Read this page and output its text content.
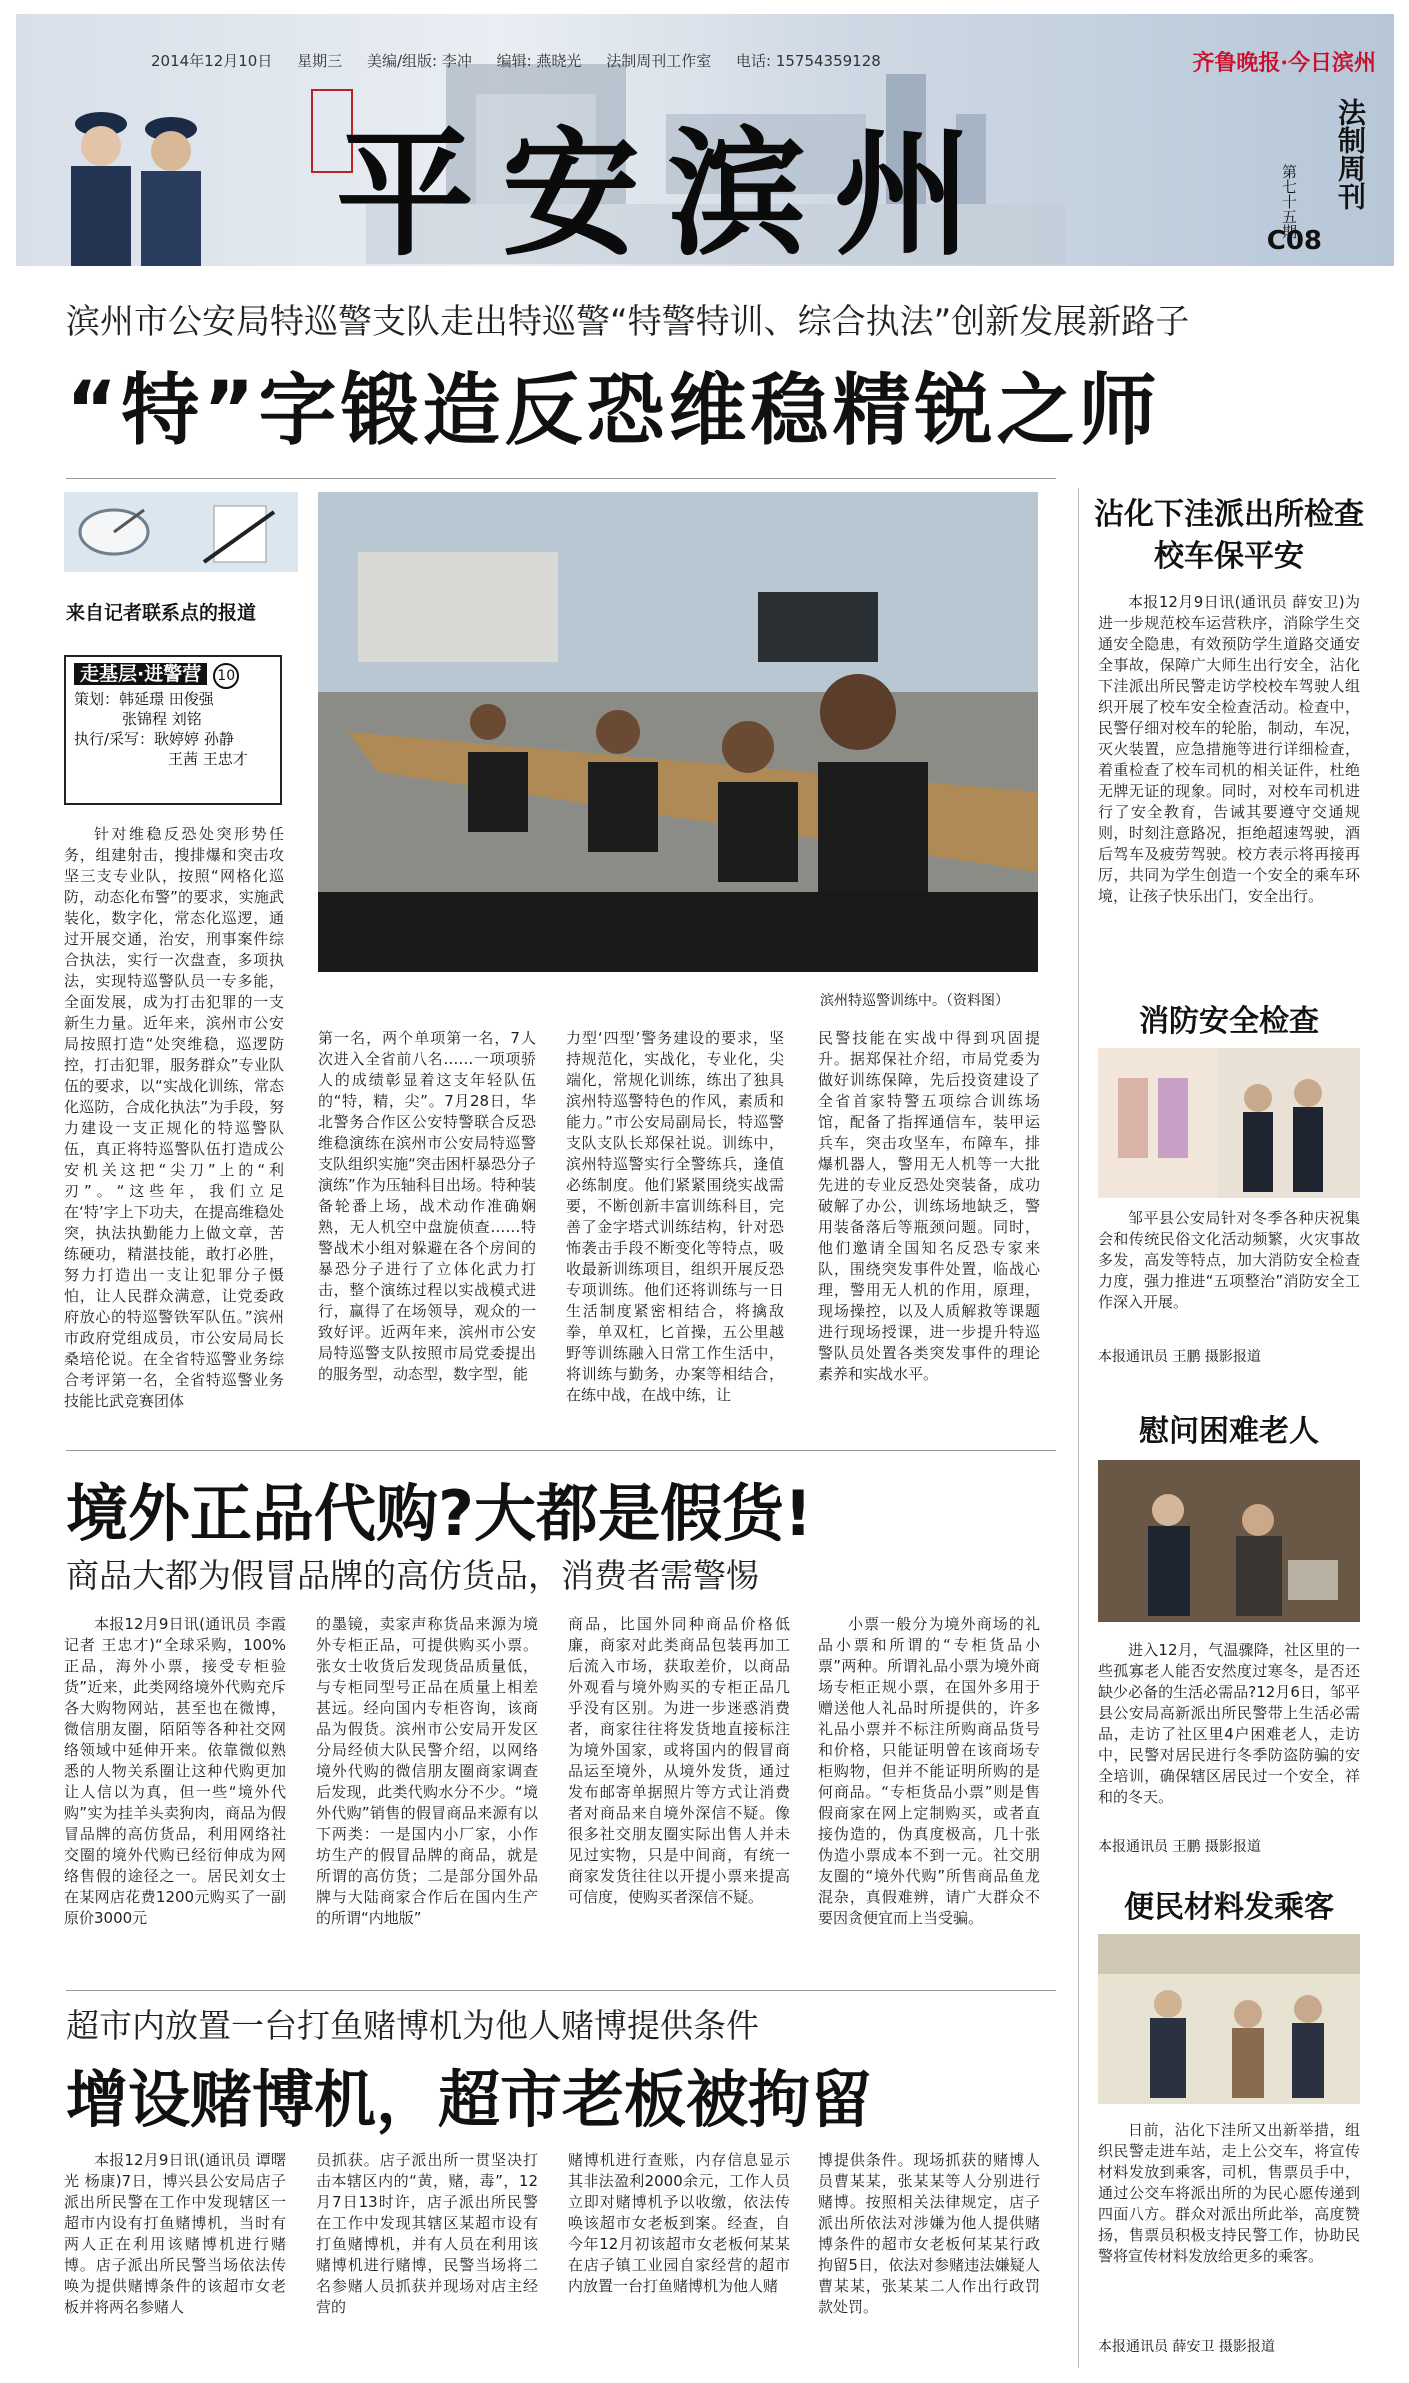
2014年12月10日 星期三 美编/组版: 李冲 编辑: 燕晓光 法制周刊工作室 电话: 15754359128	齐鲁晚报·今日滨州
平安滨州	法制周刊
第七十五期
C08
滨州市公安局特巡警支队走出特巡警“特警特训、综合执法”创新发展新路子
“特”字锻造反恐维稳精锐之师
来自记者联系点的报道
走基层·进警营 10
策划：韩延璟 田俊强
张锦程 刘铭
执行/采写：耿婷婷 孙静
王茜 王忠才

针对维稳反恐处突形势任务，组建射击，搜排爆和突击攻坚三支专业队，按照“网格化巡防，动态化布警”的要求，实施武装化，数字化，常态化巡逻，通过开展交通，治安，刑事案件综合执法，实行一次盘查，多项执法，实现特巡警队员一专多能，全面发展，成为打击犯罪的一支新生力量。近年来，滨州市公安局按照打造“处突维稳，巡逻防控，打击犯罪，服务群众”专业队伍的要求，以“实战化训练，常态化巡防，合成化执法”为手段，努力建设一支正规化的特巡警队伍，真正将特巡警队伍打造成公安机关这把“尖刀”上的“利刃”。“这些年，我们立足在‘特’字上下功夫，在提高维稳处突，执法执勤能力上做文章，苦练硬功，精湛技能，敢打必胜，努力打造出一支让犯罪分子慑怕，让人民群众满意，让党委政府放心的特巡警铁军队伍。”滨州市政府党组成员，市公安局局长桑培伦说。在全省特巡警业务综合考评第一名，全省特巡警业务技能比武竞赛团体

滨州特巡警训练中。（资料图）

第一名，两个单项第一名，7人次进入全省前八名……一项项骄人的成绩彰显着这支年轻队伍的“特，精，尖”。7月28日，华北警务合作区公安特警联合反恐维稳演练在滨州市公安局特巡警支队组织实施“突击困杆暴恐分子演练”作为压轴科目出场。特种装备轮番上场，战术动作准确娴熟，无人机空中盘旋侦查……特警战术小组对躲避在各个房间的暴恐分子进行了立体化武力打击，整个演练过程以实战模式进行，赢得了在场领导，观众的一致好评。近两年来，滨州市公安局特巡警支队按照市局党委提出的服务型，动态型，数字型，能

力型‘四型’警务建设的要求，坚持规范化，实战化，专业化，尖端化，常规化训练，练出了独具滨州特巡警特色的作风，素质和能力。”市公安局副局长，特巡警支队支队长郑保社说。训练中，滨州特巡警实行全警练兵，逢值必练制度。他们紧紧围绕实战需要，不断创新丰富训练科目，完善了金字塔式训练结构，针对恐怖袭击手段不断变化等特点，吸收最新训练项目，组织开展反恐专项训练。他们还将训练与一日生活制度紧密相结合，将擒敌拳，单双杠，匕首操，五公里越野等训练融入日常工作生活中，将训练与勤务，办案等相结合，在练中战，在战中练，让

民警技能在实战中得到巩固提升。据郑保社介绍，市局党委为做好训练保障，先后投资建设了全省首家特警五项综合训练场馆，配备了指挥通信车，装甲运兵车，突击攻坚车，布障车，排爆机器人，警用无人机等一大批先进的专业反恐处突装备，成功破解了办公，训练场地缺乏，警用装备落后等瓶颈问题。同时，他们邀请全国知名反恐专家来队，围绕突发事件处置，临战心理，警用无人机的作用，原理，现场操控，以及人质解救等课题进行现场授课，进一步提升特巡警队员处置各类突发事件的理论素养和实战水平。

境外正品代购?大都是假货!
商品大都为假冒品牌的高仿货品，消费者需警惕

本报12月9日讯(通讯员 李霞 记者 王忠才)“全球采购，100%正品，海外小票，接受专柜验货”近来，此类网络境外代购充斥各大购物网站，甚至也在微博，微信朋友圈，陌陌等各种社交网络领域中延伸开来。依靠微似熟悉的人物关系圈让这种代购更加让人信以为真，但一些“境外代购”实为挂羊头卖狗肉，商品为假冒品牌的高仿货品，利用网络社交圈的境外代购已经衍伸成为网络售假的途径之一。居民刘女士在某网店花费1200元购买了一副原价3000元

的墨镜，卖家声称货品来源为境外专柜正品，可提供购买小票。张女士收货后发现货品质量低，与专柜同型号正品在质量上相差甚远。经向国内专柜咨询，该商品为假货。滨州市公安局开发区分局经侦大队民警介绍，以网络境外代购的微信朋友圈商家调查后发现，此类代购水分不少。“境外代购”销售的假冒商品来源有以下两类：一是国内小厂家，小作坊生产的假冒品牌的商品，就是所谓的高仿货；二是部分国外品牌与大陆商家合作后在国内生产的所谓“内地版”

商品，比国外同种商品价格低廉，商家对此类商品包装再加工后流入市场，获取差价，以商品外观看与境外购买的专柜正品几乎没有区别。为进一步迷惑消费者，商家往往将发货地直接标注为境外国家，或将国内的假冒商品运至境外，从境外发货，通过发布邮寄单据照片等方式让消费者对商品来自境外深信不疑。像很多社交朋友圈实际出售人并未见过实物，只是中间商，有统一商家发货往往以开提小票来提高可信度，使购买者深信不疑。

小票一般分为境外商场的礼品小票和所谓的“专柜货品小票”两种。所谓礼品小票为境外商场专柜正规小票，在国外多用于赠送他人礼品时所提供的，许多礼品小票并不标注所购商品货号和价格，只能证明曾在该商场专柜购物，但并不能证明所购的是何商品。“专柜货品小票”则是售假商家在网上定制购买，或者直接伪造的，伪真度极高，几十张伪造小票成本不到一元。社交朋友圈的“境外代购”所售商品鱼龙混杂，真假难辨，请广大群众不要因贪便宜而上当受骗。

超市内放置一台打鱼赌博机为他人赌博提供条件
增设赌博机，超市老板被拘留

本报12月9日讯(通讯员 谭曙光 杨康)7日，博兴县公安局店子派出所民警在工作中发现辖区一超市内设有打鱼赌博机，当时有两人正在利用该赌博机进行赌博。店子派出所民警当场依法传唤为提供赌博条件的该超市女老板并将两名参赌人

员抓获。店子派出所一贯坚决打击本辖区内的“黄，赌，毒”，12月7日13时许，店子派出所民警在工作中发现其辖区某超市设有打鱼赌博机，并有人员在利用该赌博机进行赌博，民警当场将二名参赌人员抓获并现场对店主经营的

赌博机进行查账，内存信息显示其非法盈利2000余元，工作人员立即对赌博机予以收缴，依法传唤该超市女老板到案。经查，自今年12月初该超市女老板何某某在店子镇工业园自家经营的超市内放置一台打鱼赌博机为他人赌

博提供条件。现场抓获的赌博人员曹某某，张某某等人分别进行赌博。按照相关法律规定，店子派出所依法对涉嫌为他人提供赌博条件的超市女老板何某某行政拘留5日，依法对参赌违法嫌疑人曹某某，张某某二人作出行政罚款处罚。

沾化下洼派出所检查校车保平安

本报12月9日讯(通讯员 薛安卫)为进一步规范校车运营秩序，消除学生交通安全隐患，有效预防学生道路交通安全事故，保障广大师生出行安全，沾化下洼派出所民警走访学校校车驾驶人组织开展了校车安全检查活动。检查中，民警仔细对校车的轮胎，制动，车况，灭火装置，应急措施等进行详细检查，着重检查了校车司机的相关证件，杜绝无牌无证的现象。同时，对校车司机进行了安全教育，告诫其要遵守交通规则，时刻注意路况，拒绝超速驾驶，酒后驾车及疲劳驾驶。校方表示将再接再厉，共同为学生创造一个安全的乘车环境，让孩子快乐出门，安全出行。

消防安全检查

邹平县公安局针对冬季各种庆祝集会和传统民俗文化活动频繁，火灾事故多发，高发等特点，加大消防安全检查力度，强力推进“五项整治”消防安全工作深入开展。

本报通讯员 王鹏 摄影报道
慰问困难老人

进入12月，气温骤降，社区里的一些孤寡老人能否安然度过寒冬，是否还缺少必备的生活必需品?12月6日，邹平县公安局高新派出所民警带上生活必需品，走访了社区里4户困难老人，走访中，民警对居民进行冬季防盗防骗的安全培训，确保辖区居民过一个安全，祥和的冬天。

本报通讯员 王鹏 摄影报道
便民材料发乘客

日前，沾化下洼所又出新举措，组织民警走进车站，走上公交车，将宣传材料发放到乘客，司机，售票员手中，通过公交车将派出所的为民心愿传递到四面八方。群众对派出所此举，高度赞扬，售票员积极支持民警工作，协助民警将宣传材料发放给更多的乘客。

本报通讯员 薛安卫 摄影报道
